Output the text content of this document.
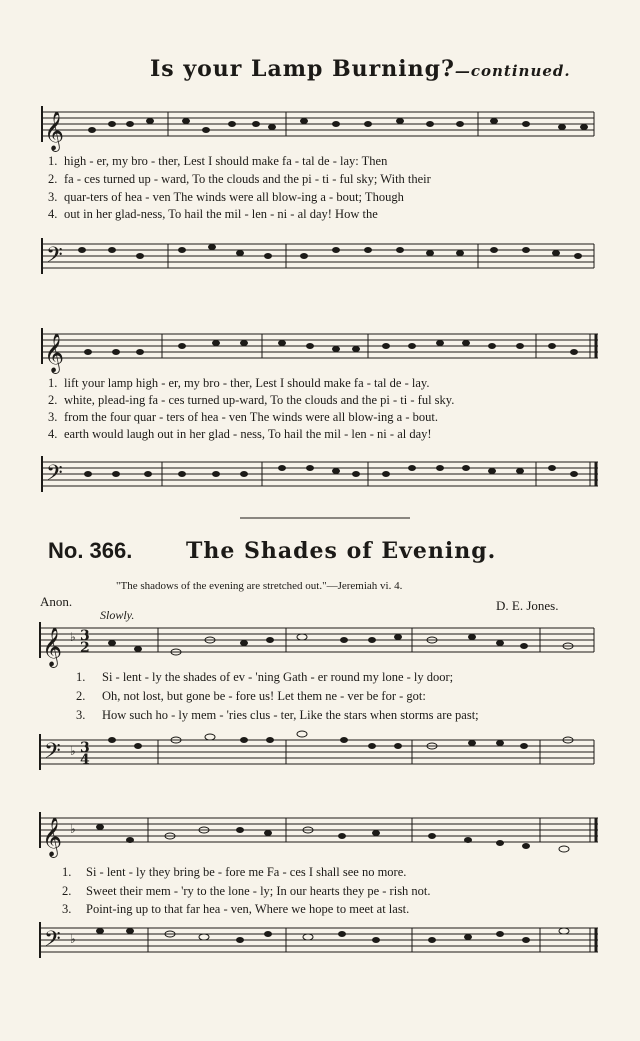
Is your Lamp Burning?—continued.
𝄞
𝄢
𝄞
𝄢
𝄞
𝄢
𝄞
𝄢
♭ 3
2
♭ 3
4
♭
♭
1. high - er, my bro - ther, Lest I should make fa - tal de - lay: Then
2. fa - ces turned up - ward, To the clouds and the pi - ti - ful sky; With their
3. quar-ters of hea - ven The winds were all blow-ing a - bout; Though
4. out in her glad-ness, To hail the mil - len - ni - al day! How the
1. lift your lamp high - er, my bro - ther, Lest I should make fa - tal de - lay.
2. white, plead-ing fa - ces turned up-ward, To the clouds and the pi - ti - ful sky.
3. from the four quar - ters of hea - ven The winds were all blow-ing a - bout.
4. earth would laugh out in her glad - ness, To hail the mil - len - ni - al day!
No. 366. The Shades of Evening.
"The shadows of the evening are stretched out."—Jeremiah vi. 4.
Anon.	D. E. Jones.
Slowly.
1. Si - lent - ly the shades of ev - 'ning Gath - er round my lone - ly door;
2. Oh, not lost, but gone be - fore us! Let them ne - ver be for - got:
3. How such ho - ly mem - 'ries clus - ter, Like the stars when storms are past;
1. Si - lent - ly they bring be - fore me Fa - ces I shall see no more.
2. Sweet their mem - 'ry to the lone - ly; In our hearts they pe - rish not.
3. Point-ing up to that far hea - ven, Where we hope to meet at last.
